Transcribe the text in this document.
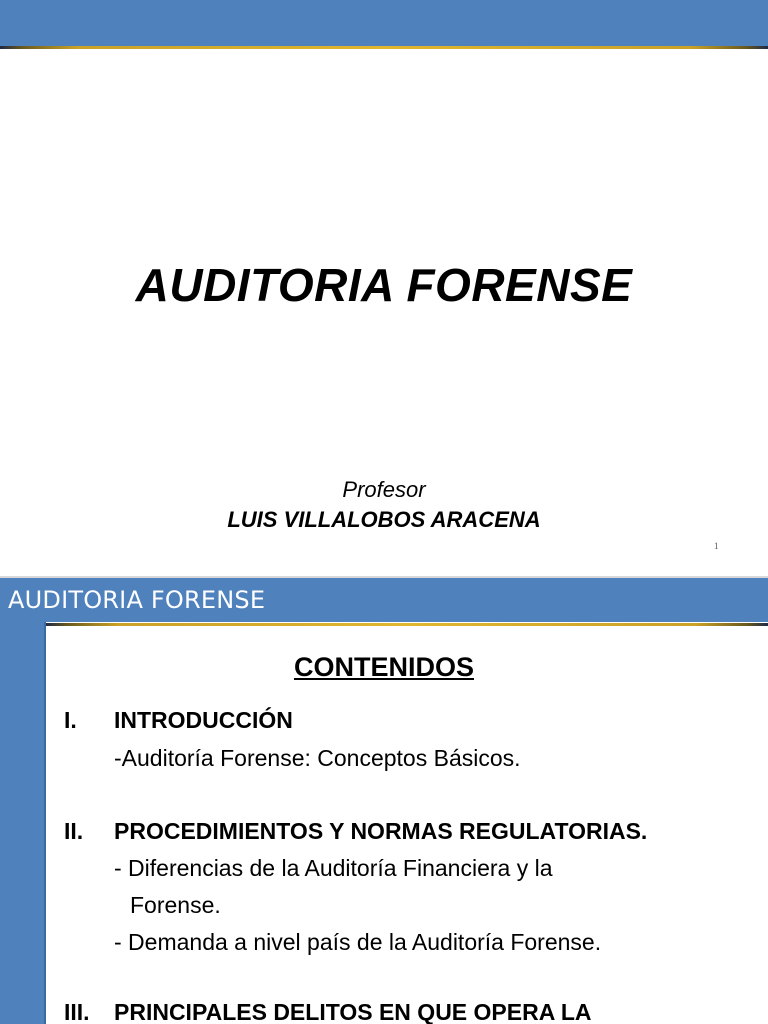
AUDITORIA FORENSE
Profesor
LUIS VILLALOBOS ARACENA
1
AUDITORIA FORENSE
CONTENIDOS
I. INTRODUCCIÓN
-Auditoría Forense: Conceptos Básicos.
II. PROCEDIMIENTOS Y NORMAS REGULATORIAS.
- Diferencias de la Auditoría Financiera y la
Forense.
- Demanda a nivel país de la Auditoría Forense.
III. PRINCIPALES DELITOS EN QUE OPERA LA
